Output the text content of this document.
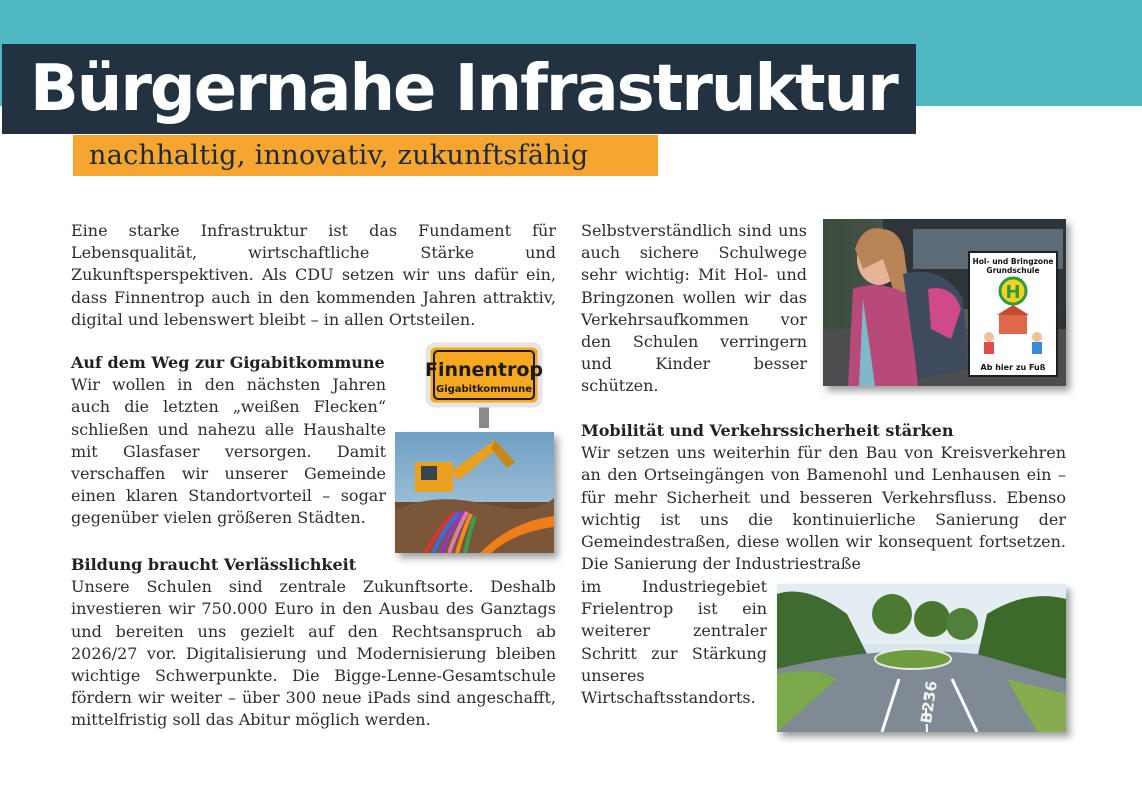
Bürgernahe Infrastruktur
nachhaltig, innovativ, zukunftsfähig

Eine starke Infrastruktur ist das Fundament für Lebensqualität, wirtschaftliche Stärke und Zukunftsperspektiven. Als CDU setzen wir uns dafür ein, dass Finnentrop auch in den kommenden Jahren attraktiv, digital und lebenswert bleibt – in allen Ortsteilen.

Auf dem Weg zur Gigabitkommune

Wir wollen in den nächsten Jahren auch die letzten „weißen Flecken“ schließen und nahezu alle Haushalte mit Glasfaser versorgen. Damit verschaffen wir unserer Gemeinde einen klaren Standortvorteil – sogar gegenüber vielen größeren Städten.

Bildung braucht Verlässlichkeit

Unsere Schulen sind zentrale Zukunftsorte. Deshalb investieren wir 750.000 Euro in den Ausbau des Ganztags und bereiten uns gezielt auf den Rechtsanspruch ab 2026/27 vor. Digitalisierung und Modernisierung bleiben wichtige Schwerpunkte. Die Bigge-Lenne-Gesamtschule fördern wir weiter – über 300 neue iPads sind angeschafft, mittelfristig soll das Abitur möglich werden.

Selbstverständlich sind uns auch sichere Schulwege sehr wichtig: Mit Hol- und Bringzonen wollen wir das Verkehrsaufkommen vor den Schulen verringern und Kinder besser schützen.

Mobilität und Verkehrssicherheit stärken

Wir setzen uns weiterhin für den Bau von Kreisverkehren an den Ortseingängen von Bamenohl und Lenhausen ein – für mehr Sicherheit und besseren Verkehrsfluss. Ebenso wichtig ist uns die kontinuierliche Sanierung der Gemeindestraßen, diese wollen wir konsequent fortsetzen. Die Sanierung der Industriestraße

im Industriegebiet Frielentrop ist ein weiterer zentraler Schritt zur Stärkung unseres Wirtschaftsstandorts.

Finnentrop
Gigabitkommune
Hol- und Bringzone
Grundschule
H
Ab hier zu Fuß
B236
